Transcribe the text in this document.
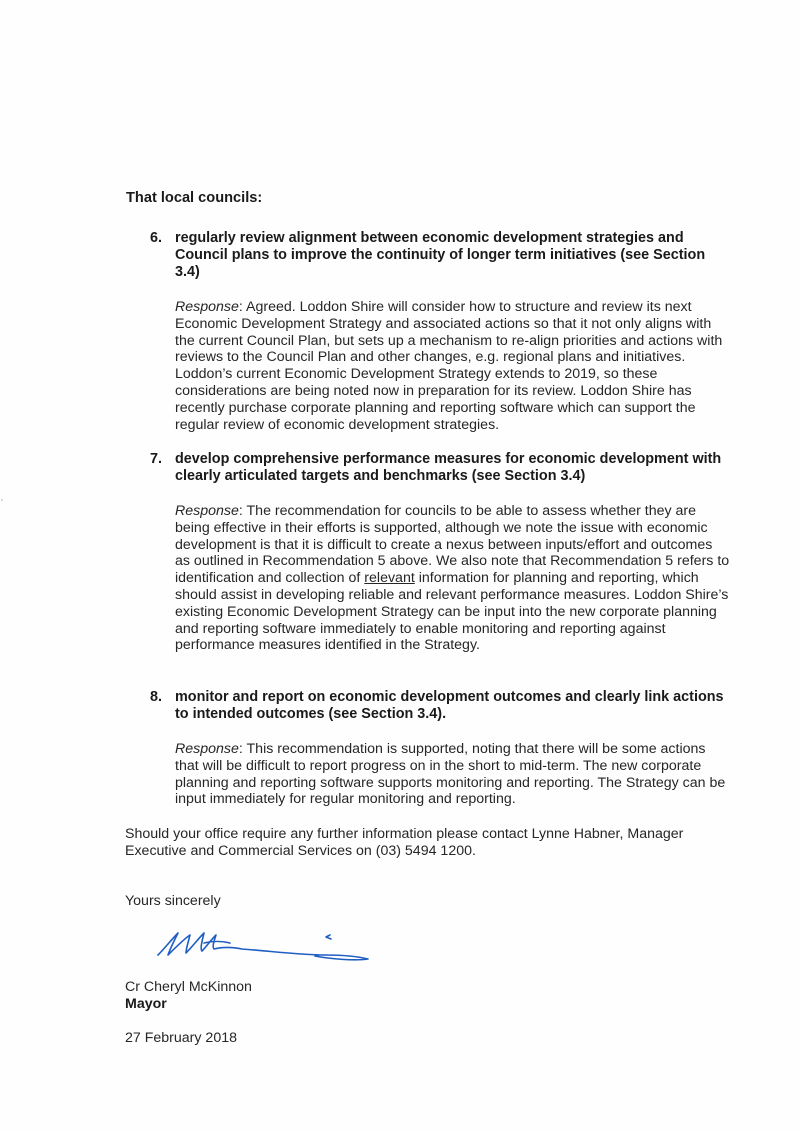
That local councils:

6. regularly review alignment between economic development strategies and Council plans to improve the continuity of longer term initiatives (see Section 3.4)

Response: Agreed. Loddon Shire will consider how to structure and review its next Economic Development Strategy and associated actions so that it not only aligns with the current Council Plan, but sets up a mechanism to re-align priorities and actions with reviews to the Council Plan and other changes, e.g. regional plans and initiatives. Loddon’s current Economic Development Strategy extends to 2019, so these considerations are being noted now in preparation for its review. Loddon Shire has recently purchase corporate planning and reporting software which can support the regular review of economic development strategies.

7. develop comprehensive performance measures for economic development with clearly articulated targets and benchmarks (see Section 3.4)

Response: The recommendation for councils to be able to assess whether they are being effective in their efforts is supported, although we note the issue with economic development is that it is difficult to create a nexus between inputs/effort and outcomes as outlined in Recommendation 5 above. We also note that Recommendation 5 refers to identification and collection of relevant information for planning and reporting, which should assist in developing reliable and relevant performance measures. Loddon Shire’s existing Economic Development Strategy can be input into the new corporate planning and reporting software immediately to enable monitoring and reporting against performance measures identified in the Strategy.

8. monitor and report on economic development outcomes and clearly link actions to intended outcomes (see Section 3.4).

Response: This recommendation is supported, noting that there will be some actions that will be difficult to report progress on in the short to mid-term. The new corporate planning and reporting software supports monitoring and reporting. The Strategy can be input immediately for regular monitoring and reporting.

Should your office require any further information please contact Lynne Habner, Manager Executive and Commercial Services on (03) 5494 1200.

Yours sincerely

Cr Cheryl McKinnon
Mayor
27 February 2018
